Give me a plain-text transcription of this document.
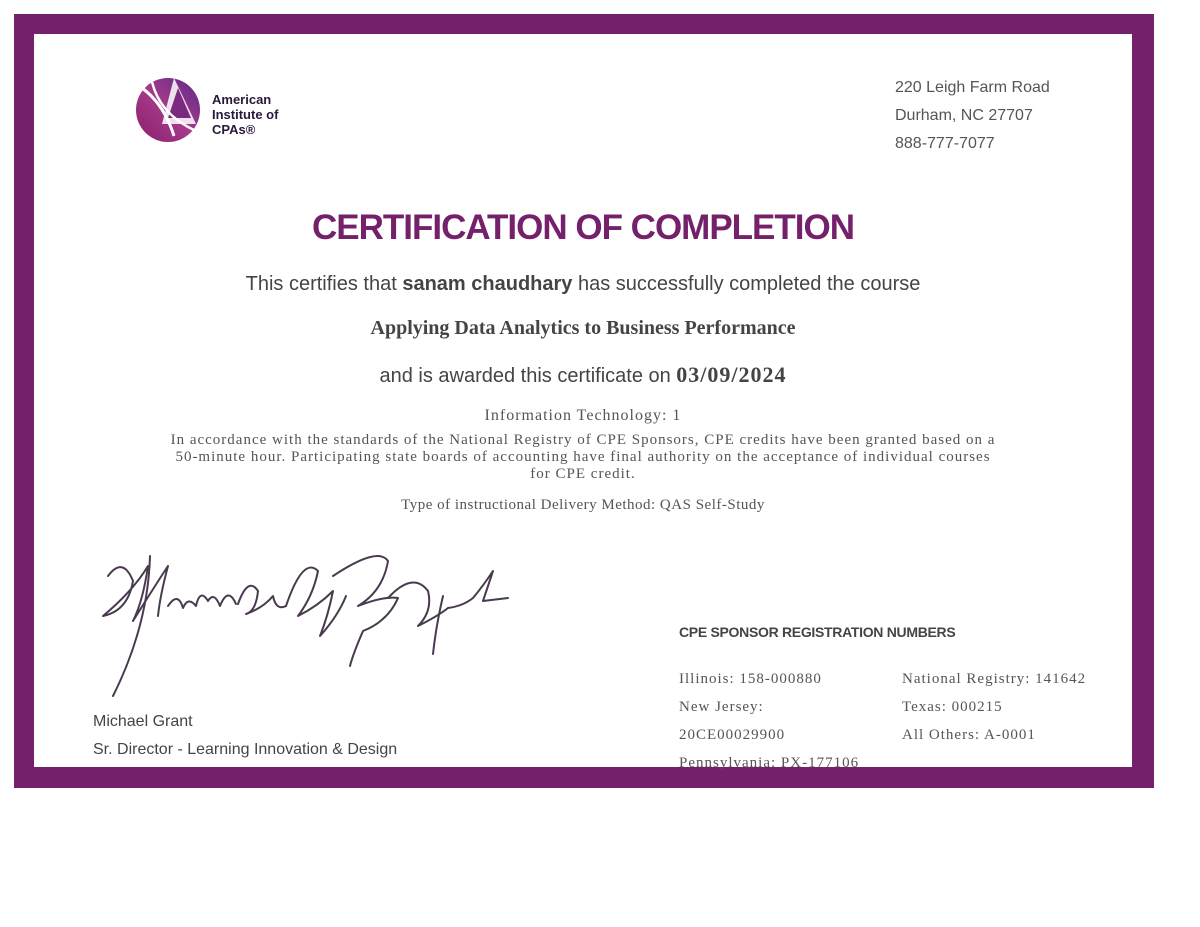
American
Institute of
CPAs®
220 Leigh Farm Road
Durham, NC 27707
888-777-7077
CERTIFICATION OF COMPLETION
This certifies that sanam chaudhary has successfully completed the course
Applying Data Analytics to Business Performance
and is awarded this certificate on 03/09/2024
Information Technology: 1
In accordance with the standards of the National Registry of CPE Sponsors, CPE credits have been granted based on a
50-minute hour. Participating state boards of accounting have final authority on the acceptance of individual courses
for CPE credit.
Type of instructional Delivery Method: QAS Self-Study
Michael Grant
Sr. Director - Learning Innovation & Design
CPE SPONSOR REGISTRATION NUMBERS
Illinois: 158-000880
New Jersey:
20CE00029900
Pennsylvania: PX-177106
National Registry: 141642
Texas: 000215
All Others: A-0001
